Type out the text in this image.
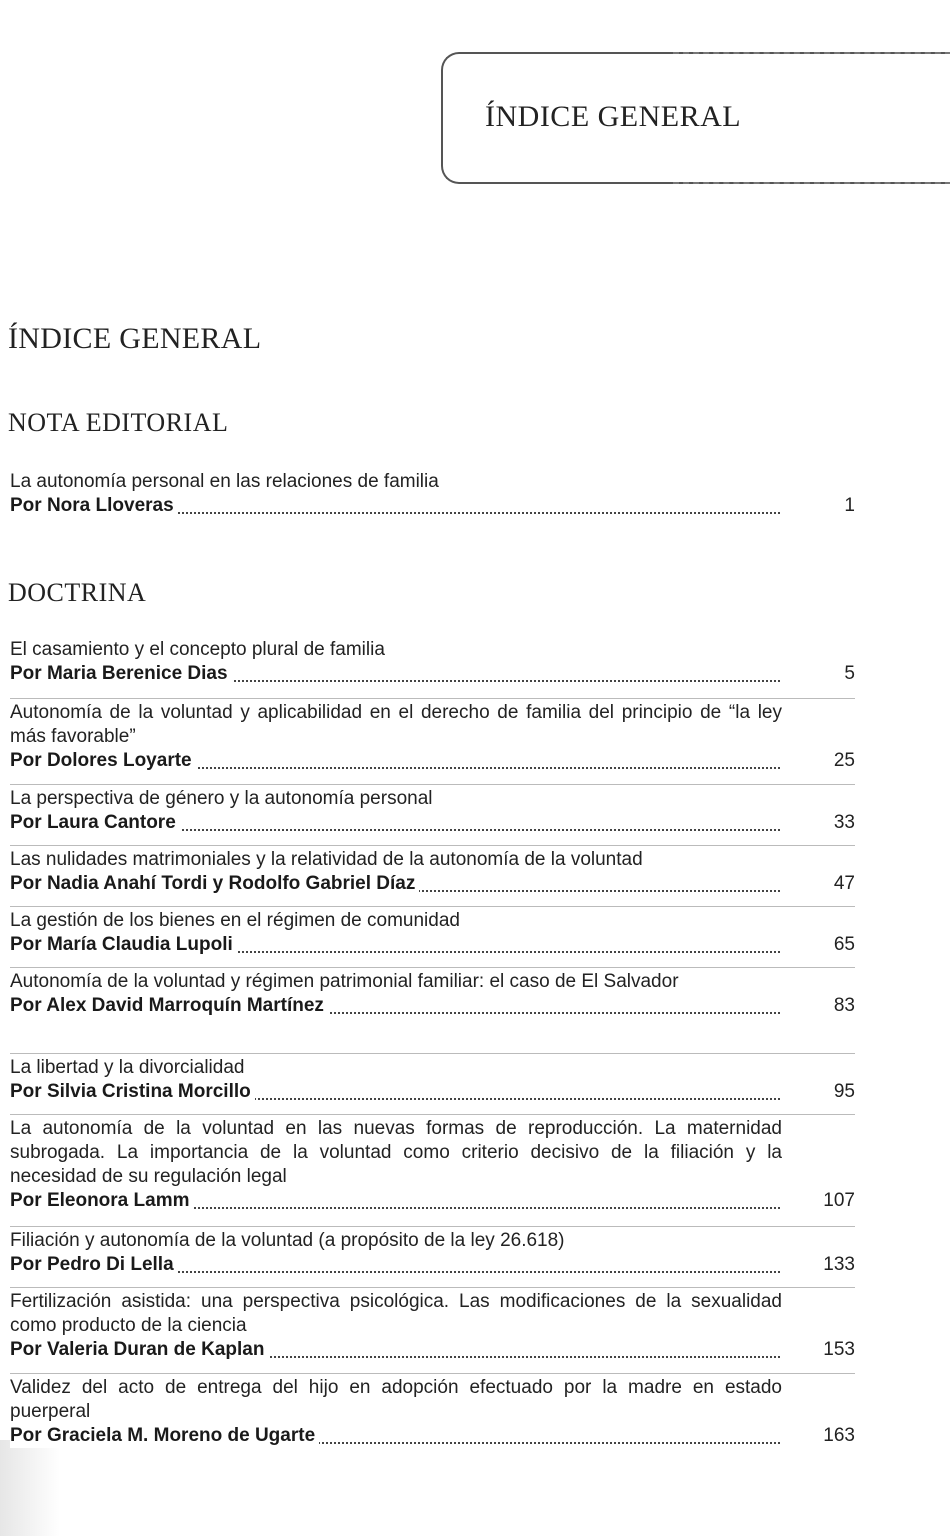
ÍNDICE GENERAL
ÍNDICE GENERAL
NOTA EDITORIAL
La autonomía personal en las relaciones de familia
Por Nora Lloveras	1
DOCTRINA
El casamiento y el concepto plural de familia
Por Maria Berenice Dias	5
Autonomía de la voluntad y aplicabilidad en el derecho de familia del principio de “la ley más favorable”
Por Dolores Loyarte	25
La perspectiva de género y la autonomía personal
Por Laura Cantore	33
Las nulidades matrimoniales y la relatividad de la autonomía de la voluntad
Por Nadia Anahí Tordi y Rodolfo Gabriel Díaz	47
La gestión de los bienes en el régimen de comunidad
Por María Claudia Lupoli	65
Autonomía de la voluntad y régimen patrimonial familiar: el caso de El Salvador
Por Alex David Marroquín Martínez	83
La libertad y la divorcialidad
Por Silvia Cristina Morcillo	95
La autonomía de la voluntad en las nuevas formas de reproducción. La maternidad subrogada. La importancia de la voluntad como criterio decisivo de la filiación y la necesidad de su regulación legal
Por Eleonora Lamm	107
Filiación y autonomía de la voluntad (a propósito de la ley 26.618)
Por Pedro Di Lella	133
Fertilización asistida: una perspectiva psicológica. Las modificaciones de la sexualidad como producto de la ciencia
Por Valeria Duran de Kaplan	153
Validez del acto de entrega del hijo en adopción efectuado por la madre en estado puerperal
Por Graciela M. Moreno de Ugarte	163
